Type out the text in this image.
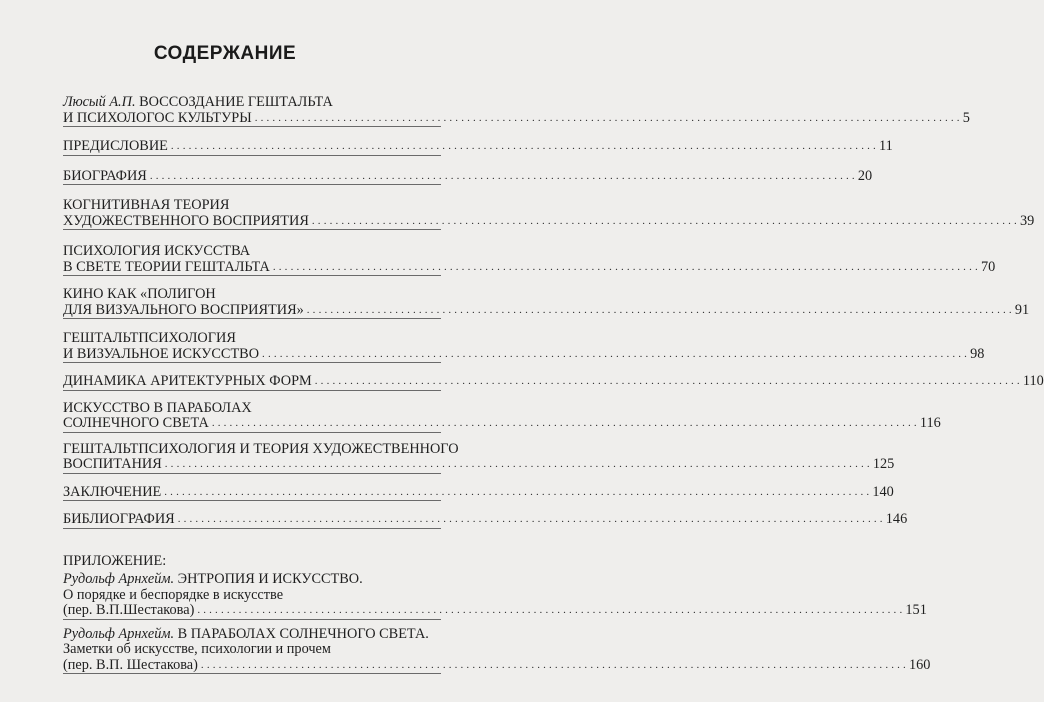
СОДЕРЖАНИЕ
Люсый А.П. ВОССОЗДАНИЕ ГЕШТАЛЬТА
И ПСИХОЛОГОС КУЛЬТУРЫ . . . . . . . . . . . . . . . . . . . . . . . . . . . . . . . . . . . . . . . . . . . . . . . . . . . . . . . . . . . . . . . . . . . . . . . . . . . . . . . . . . . . . . . . . . . . . . . . . . . . . . . . . . . . . . . . . . . . . . . . 5
ПРЕДИСЛОВИЕ . . . . . . . . . . . . . . . . . . . . . . . . . . . . . . . . . . . . . . . . . . . . . . . . . . . . . . . . . . . . . . . . . . . . . . . . . . . . . . . . . . . . . . . . . . . . . . . . . . . . . . . . . . . . . . . . . . . . . . . . 11
БИОГРАФИЯ . . . . . . . . . . . . . . . . . . . . . . . . . . . . . . . . . . . . . . . . . . . . . . . . . . . . . . . . . . . . . . . . . . . . . . . . . . . . . . . . . . . . . . . . . . . . . . . . . . . . . . . . . . . . . . . . . . . . . . . . 20
КОГНИТИВНАЯ ТЕОРИЯ
ХУДОЖЕСТВЕННОГО ВОСПРИЯТИЯ . . . . . . . . . . . . . . . . . . . . . . . . . . . . . . . . . . . . . . . . . . . . . . . . . . . . . . . . . . . . . . . . . . . . . . . . . . . . . . . . . . . . . . . . . . . . . . . . . . . . . . . . . . . . . . . . . . . . . . . . 39
ПСИХОЛОГИЯ ИСКУССТВА
В СВЕТЕ ТЕОРИИ ГЕШТАЛЬТА . . . . . . . . . . . . . . . . . . . . . . . . . . . . . . . . . . . . . . . . . . . . . . . . . . . . . . . . . . . . . . . . . . . . . . . . . . . . . . . . . . . . . . . . . . . . . . . . . . . . . . . . . . . . . . . . . . . . . . . . 70
КИНО КАК «ПОЛИГОН
ДЛЯ ВИЗУАЛЬНОГО ВОСПРИЯТИЯ» . . . . . . . . . . . . . . . . . . . . . . . . . . . . . . . . . . . . . . . . . . . . . . . . . . . . . . . . . . . . . . . . . . . . . . . . . . . . . . . . . . . . . . . . . . . . . . . . . . . . . . . . . . . . . . . . . . . . . . . . 91
ГЕШТАЛЬТПСИХОЛОГИЯ
И ВИЗУАЛЬНОЕ ИСКУССТВО . . . . . . . . . . . . . . . . . . . . . . . . . . . . . . . . . . . . . . . . . . . . . . . . . . . . . . . . . . . . . . . . . . . . . . . . . . . . . . . . . . . . . . . . . . . . . . . . . . . . . . . . . . . . . . . . . . . . . . . . 98
ДИНАМИКА АРИТЕКТУРНЫХ ФОРМ . . . . . . . . . . . . . . . . . . . . . . . . . . . . . . . . . . . . . . . . . . . . . . . . . . . . . . . . . . . . . . . . . . . . . . . . . . . . . . . . . . . . . . . . . . . . . . . . . . . . . . . . . . . . . . . . . . . . . . . . 110
ИСКУССТВО В ПАРАБОЛАХ
СОЛНЕЧНОГО СВЕТА . . . . . . . . . . . . . . . . . . . . . . . . . . . . . . . . . . . . . . . . . . . . . . . . . . . . . . . . . . . . . . . . . . . . . . . . . . . . . . . . . . . . . . . . . . . . . . . . . . . . . . . . . . . . . . . . . . . . . . . . 116
ГЕШТАЛЬТПСИХОЛОГИЯ И ТЕОРИЯ ХУДОЖЕСТВЕННОГО
ВОСПИТАНИЯ . . . . . . . . . . . . . . . . . . . . . . . . . . . . . . . . . . . . . . . . . . . . . . . . . . . . . . . . . . . . . . . . . . . . . . . . . . . . . . . . . . . . . . . . . . . . . . . . . . . . . . . . . . . . . . . . . . . . . . . . 125
ЗАКЛЮЧЕНИЕ . . . . . . . . . . . . . . . . . . . . . . . . . . . . . . . . . . . . . . . . . . . . . . . . . . . . . . . . . . . . . . . . . . . . . . . . . . . . . . . . . . . . . . . . . . . . . . . . . . . . . . . . . . . . . . . . . . . . . . . . 140
БИБЛИОГРАФИЯ . . . . . . . . . . . . . . . . . . . . . . . . . . . . . . . . . . . . . . . . . . . . . . . . . . . . . . . . . . . . . . . . . . . . . . . . . . . . . . . . . . . . . . . . . . . . . . . . . . . . . . . . . . . . . . . . . . . . . . . . 146
ПРИЛОЖЕНИЕ:
Рудольф Арнхейм. ЭНТРОПИЯ И ИСКУССТВО.
О порядке и беспорядке в искусстве
(пер. В.П.Шестакова) . . . . . . . . . . . . . . . . . . . . . . . . . . . . . . . . . . . . . . . . . . . . . . . . . . . . . . . . . . . . . . . . . . . . . . . . . . . . . . . . . . . . . . . . . . . . . . . . . . . . . . . . . . . . . . . . . . . . . . . . 151
Рудольф Арнхейм. В ПАРАБОЛАХ СОЛНЕЧНОГО СВЕТА.
Заметки об искусстве, психологии и прочем
(пер. В.П. Шестакова) . . . . . . . . . . . . . . . . . . . . . . . . . . . . . . . . . . . . . . . . . . . . . . . . . . . . . . . . . . . . . . . . . . . . . . . . . . . . . . . . . . . . . . . . . . . . . . . . . . . . . . . . . . . . . . . . . . . . . . . . 160
